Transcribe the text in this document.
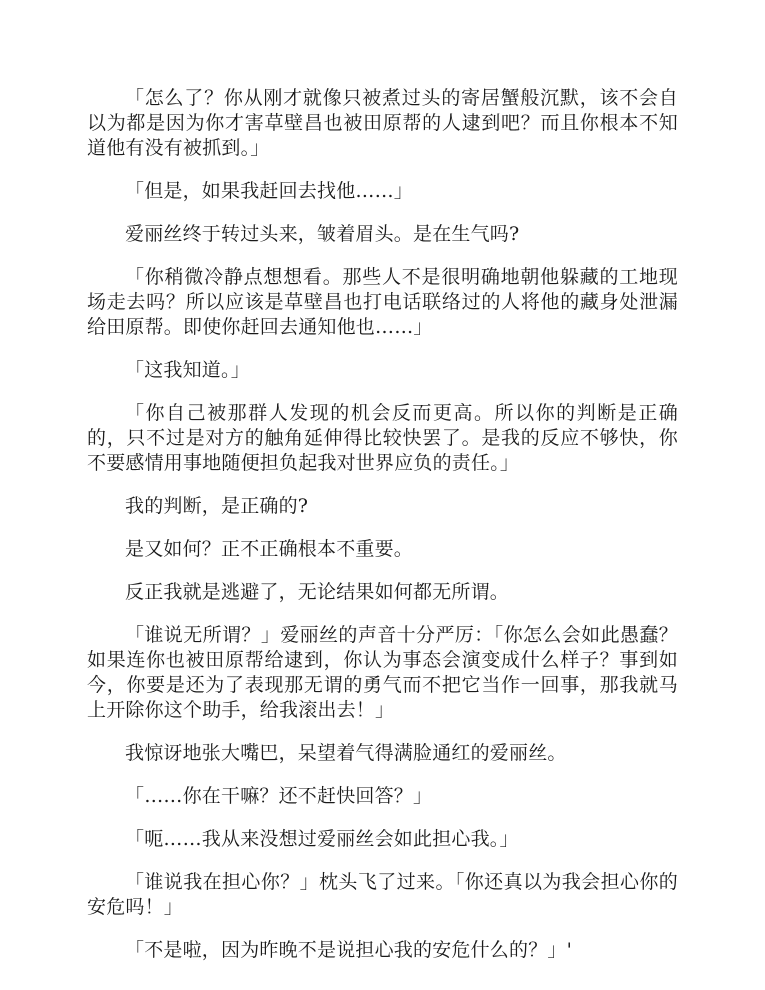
「怎么了？你从刚才就像只被煮过头的寄居蟹般沉默，该不会自以为都是因为你才害草壁昌也被田原帮的人逮到吧？而且你根本不知道他有没有被抓到。」

「但是，如果我赶回去找他……」

爱丽丝终于转过头来，皱着眉头。是在生气吗?

「你稍微冷静点想想看。那些人不是很明确地朝他躲藏的工地现场走去吗？所以应该是草壁昌也打电话联络过的人将他的藏身处泄漏给田原帮。即使你赶回去通知他也……」

「这我知道。」

「你自己被那群人发现的机会反而更高。所以你的判断是正确的，只不过是对方的触角延伸得比较快罢了。是我的反应不够快，你不要感情用事地随便担负起我对世界应负的责任。」

我的判断，是正确的?

是又如何？正不正确根本不重要。

反正我就是逃避了，无论结果如何都无所谓。

「谁说无所谓？」爱丽丝的声音十分严厉：「你怎么会如此愚蠢？如果连你也被田原帮给逮到，你认为事态会演变成什么样子？事到如今，你要是还为了表现那无谓的勇气而不把它当作一回事，那我就马上开除你这个助手，给我滚出去！」

我惊讶地张大嘴巴，呆望着气得满脸通红的爱丽丝。

「……你在干嘛？还不赶快回答？」

「呃……我从来没想过爱丽丝会如此担心我。」

「谁说我在担心你？」枕头飞了过来。「你还真以为我会担心你的安危吗！」

「不是啦，因为昨晚不是说担心我的安危什么的？」'
